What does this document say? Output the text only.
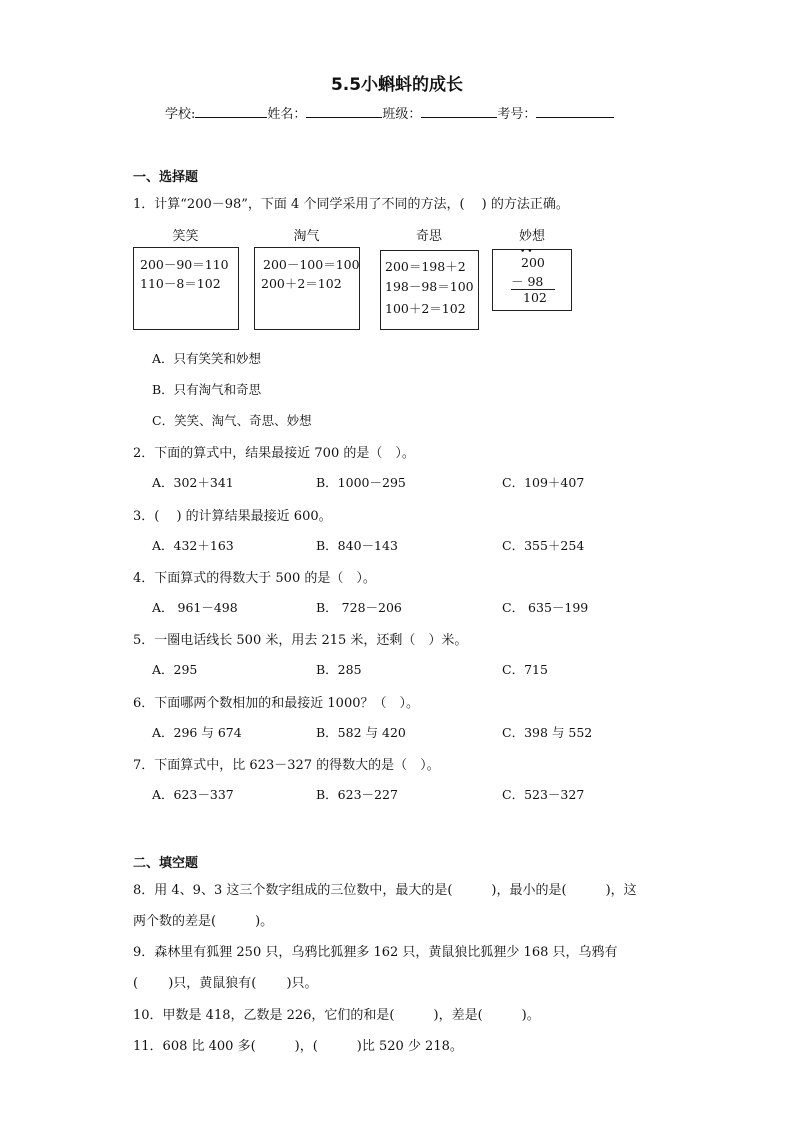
5.5小蝌蚪的成长
学校:	姓名：	班级：	考号：
一、选择题
1．计算“200－98”，下面 4 个同学采用了不同的方法，(　 ) 的方法正确。
笑笑	淘气	奇思	妙想
200－90＝110
110－8＝102
200－100＝100
200＋2＝102
200＝198＋2
198－98＝100
100＋2＝102
••
200
－ 98
102
A．只有笑笑和妙想
B．只有淘气和奇思
C．笑笑、淘气、奇思、妙想
2．下面的算式中，结果最接近 700 的是（　）。
A．302＋341	B．1000－295	C．109＋407
3．(　 ) 的计算结果最接近 600。
A．432＋163	B．840－143	C．355＋254
4．下面算式的得数大于 500 的是（　）。
A． 961－498	B． 728－206	C． 635－199
5．一圈电话线长 500 米，用去 215 米，还剩（　）米。
A．295	B．285	C．715
6．下面哪两个数相加的和最接近 1000？（　）。
A．296 与 674	B．582 与 420	C．398 与 552
7．下面算式中，比 623－327 的得数大的是（　）。
A．623－337	B．623－227	C．523－327
二、填空题
8．用 4、9、3 这三个数字组成的三位数中，最大的是(　　　)，最小的是(　　　)，这
两个数的差是(　　　)。
9．森林里有狐狸 250 只，乌鸦比狐狸多 162 只，黄鼠狼比狐狸少 168 只，乌鸦有
(　　 )只，黄鼠狼有(　　 )只。
10．甲数是 418，乙数是 226，它们的和是(　　　)，差是(　　　)。
11．608 比 400 多(　　　)，(　　　)比 520 少 218。
